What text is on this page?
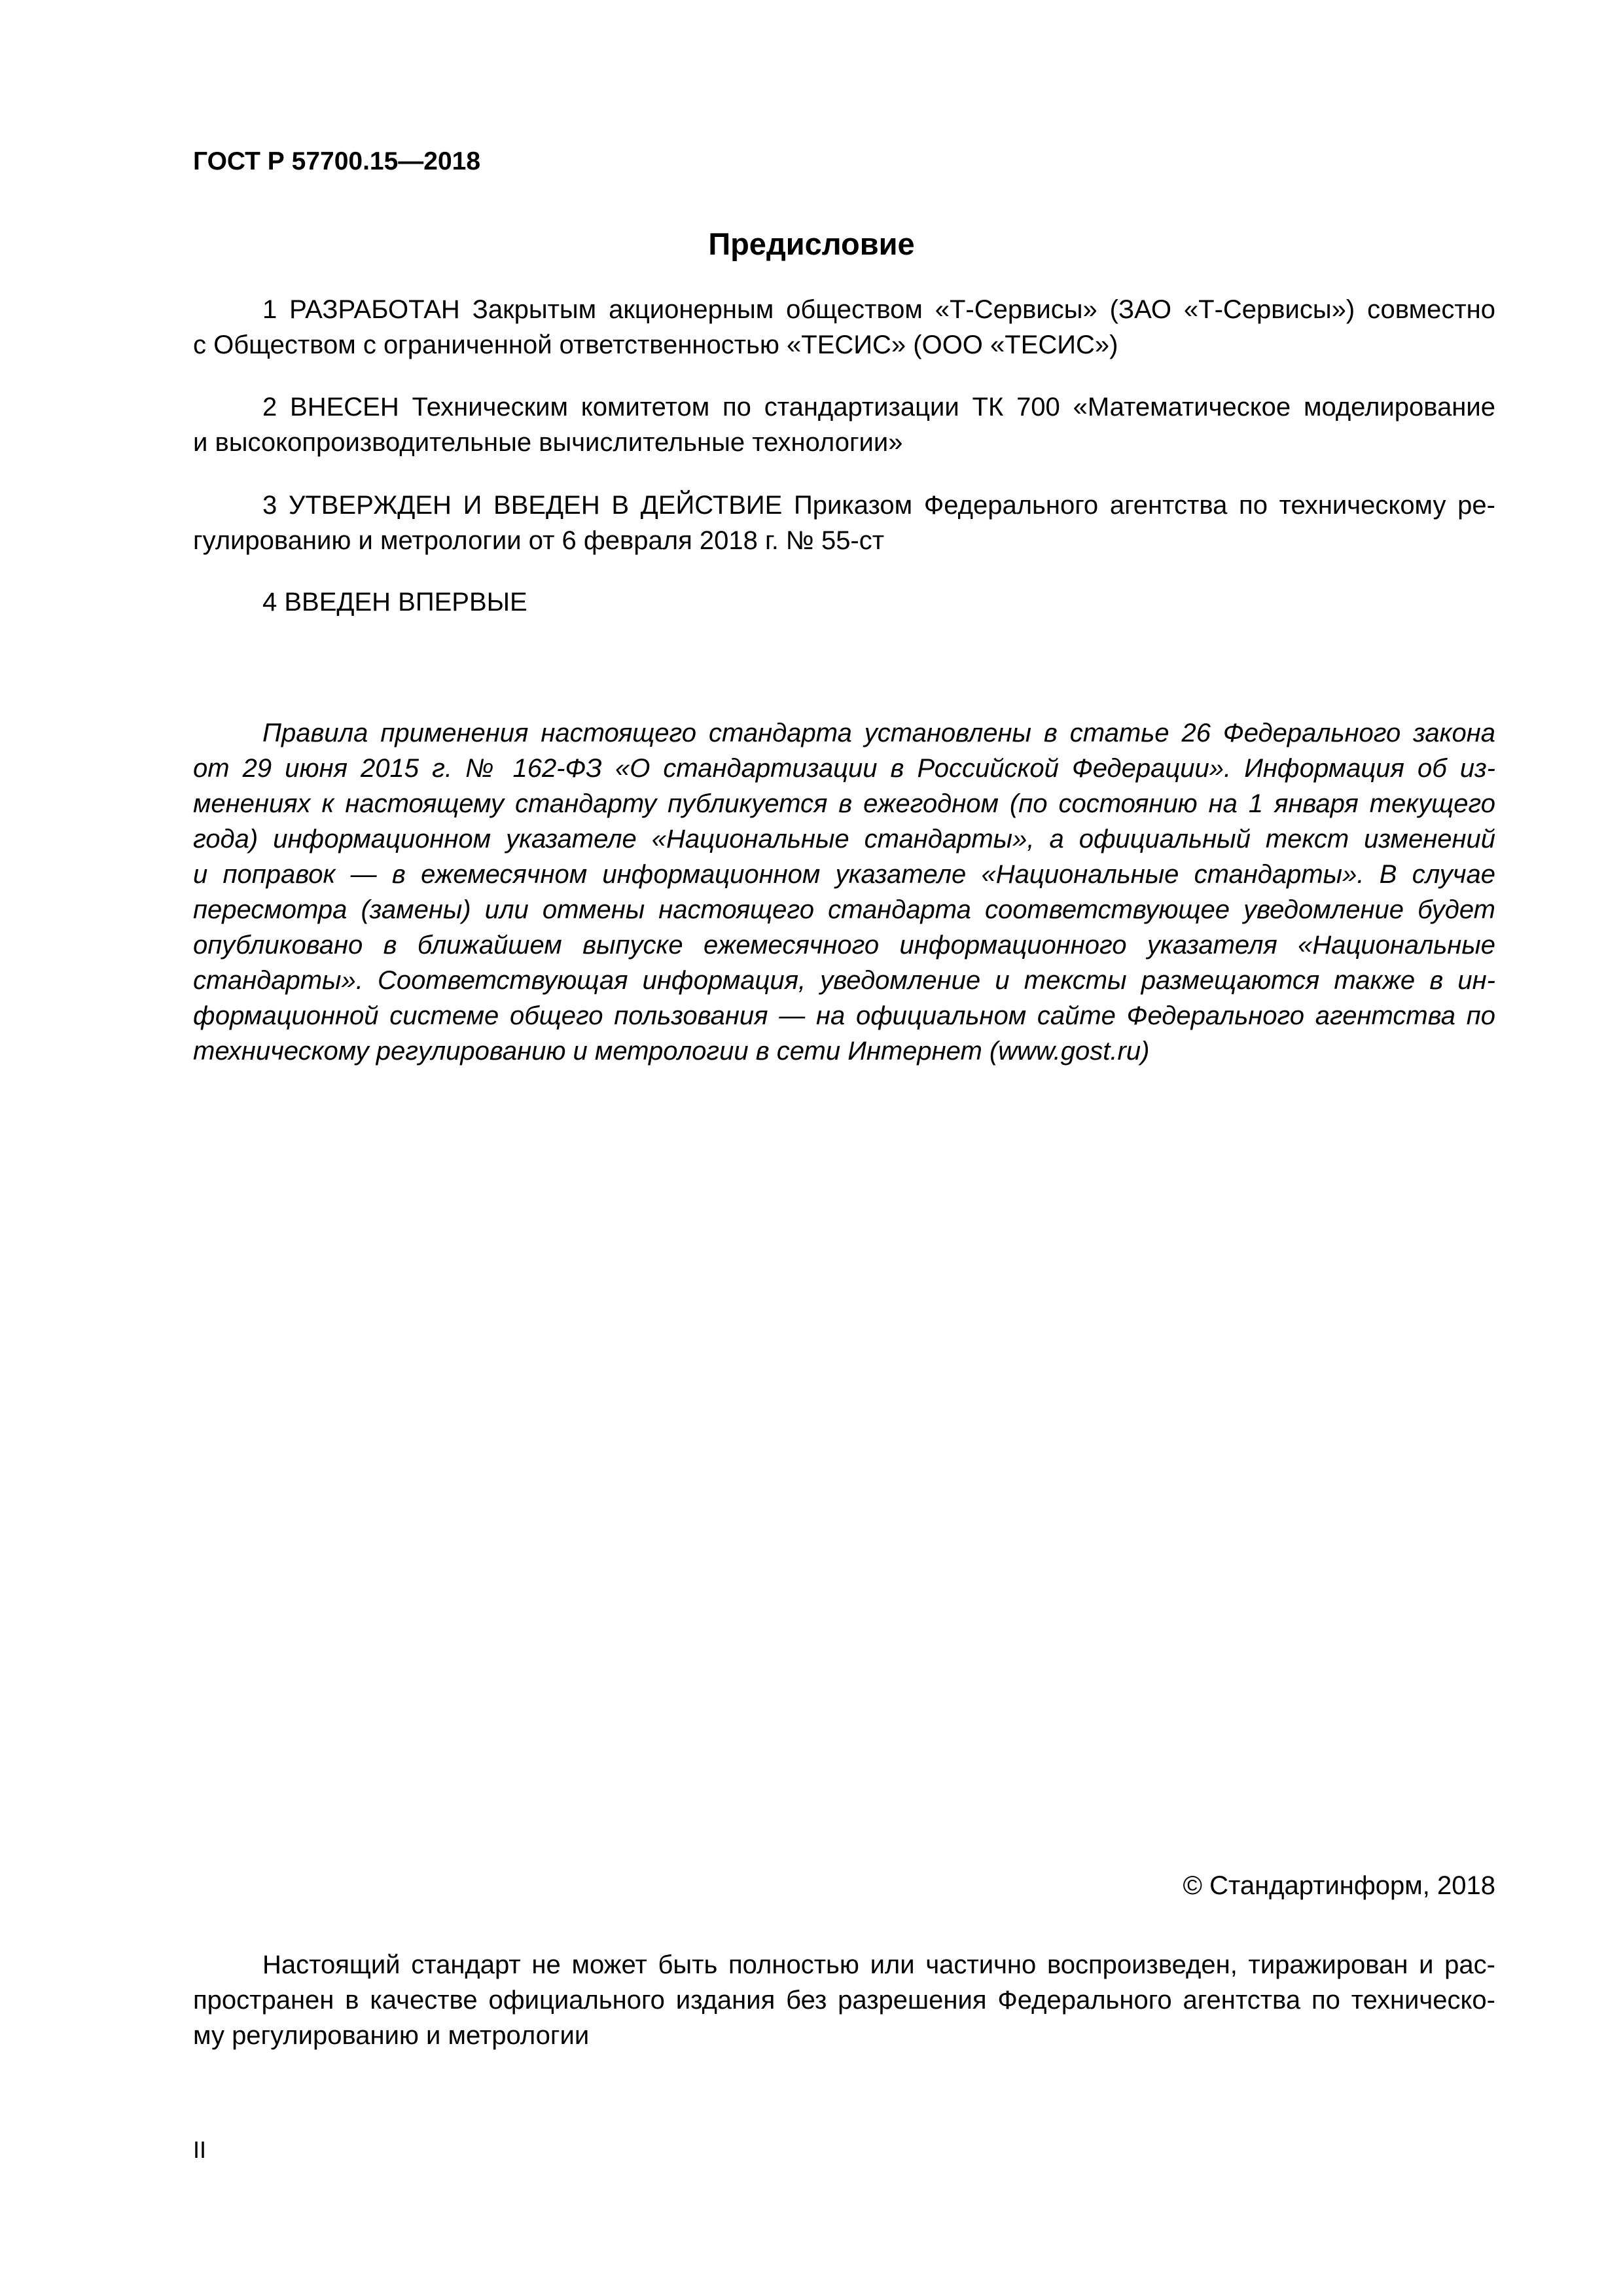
ГОСТ Р 57700.15—2018
Предисловие
1 РАЗРАБОТАН Закрытым акционерным обществом «Т-Сервисы» (ЗАО «Т-Сервисы») совместно
с Обществом с ограниченной ответственностью «ТЕСИС» (ООО «ТЕСИС»)
2 ВНЕСЕН Техническим комитетом по стандартизации ТК 700 «Математическое моделирование
и высокопроизводительные вычислительные технологии»
3 УТВЕРЖДЕН И ВВЕДЕН В ДЕЙСТВИЕ Приказом Федерального агентства по техническому ре-
гулированию и метрологии от 6 февраля 2018 г. № 55-ст
4 ВВЕДЕН ВПЕРВЫЕ
Правила применения настоящего стандарта установлены в статье 26 Федерального закона
от 29 июня 2015 г. № 162-ФЗ «О стандартизации в Российской Федерации». Информация об из-
менениях к настоящему стандарту публикуется в ежегодном (по состоянию на 1 января текущего
года) информационном указателе «Национальные стандарты», а официальный текст изменений
и поправок — в ежемесячном информационном указателе «Национальные стандарты». В случае
пересмотра (замены) или отмены настоящего стандарта соответствующее уведомление будет
опубликовано в ближайшем выпуске ежемесячного информационного указателя «Национальные
стандарты». Соответствующая информация, уведомление и тексты размещаются также в ин-
формационной системе общего пользования — на официальном сайте Федерального агентства по
техническому регулированию и метрологии в сети Интернет (www.gost.ru)
© Стандартинформ, 2018
Настоящий стандарт не может быть полностью или частично воспроизведен, тиражирован и рас-
пространен в качестве официального издания без разрешения Федерального агентства по техническо-
му регулированию и метрологии
II
